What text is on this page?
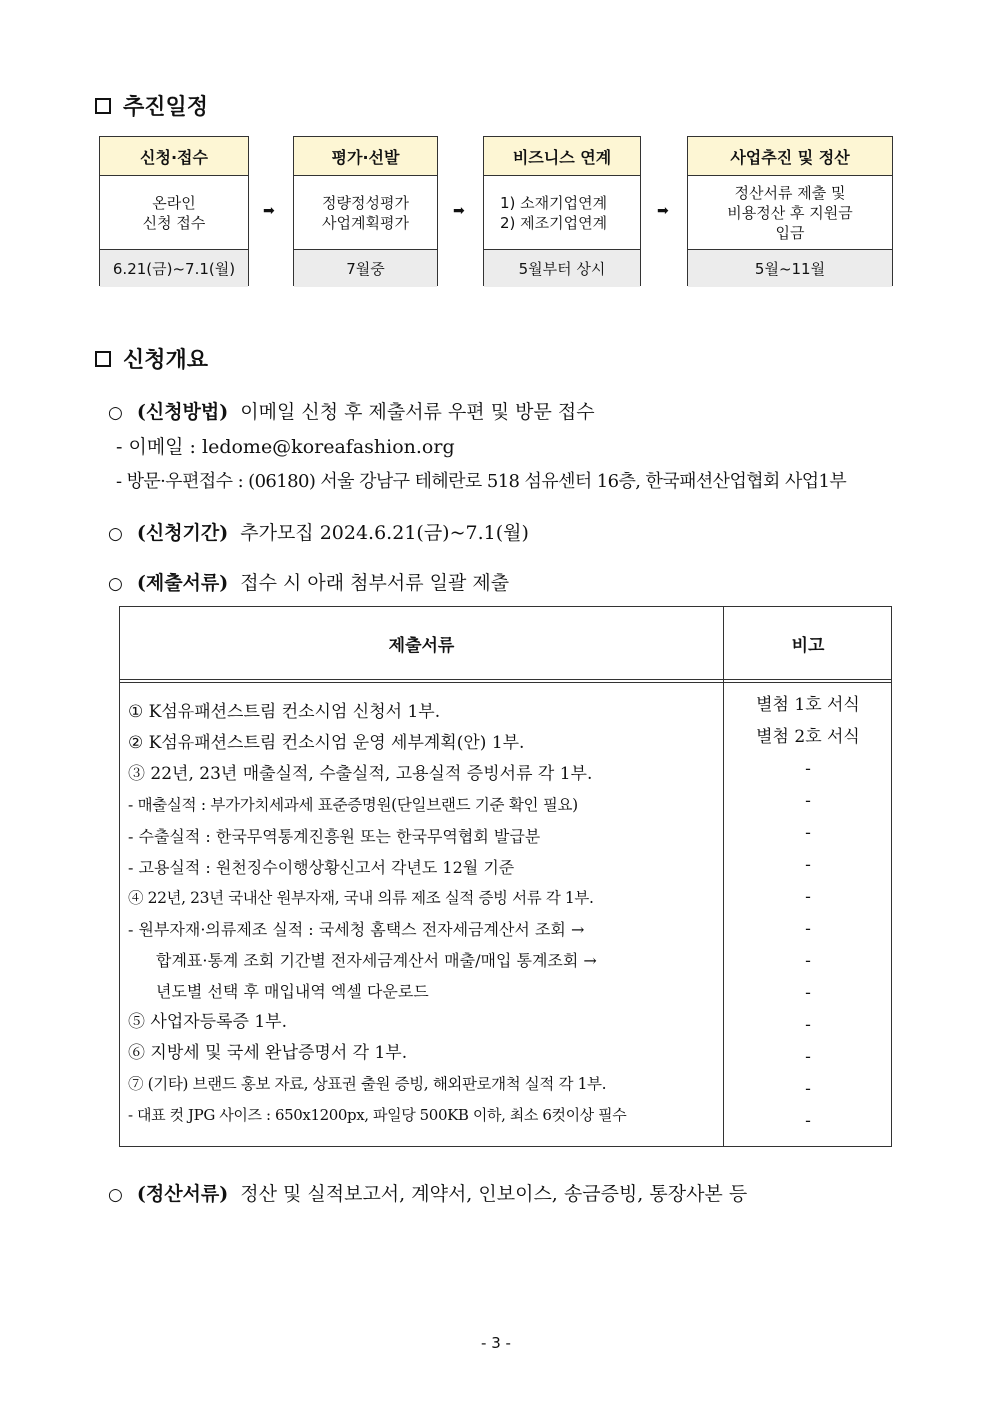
추진일정
신청·접수
온라인
신청 접수
6.21(금)~7.1(월)
➡
평가·선발
정량정성평가
사업계획평가
7월중
➡
비즈니스 연계
1) 소재기업연계
2) 제조기업연계
5월부터 상시
➡
사업추진 및 정산
정산서류 제출 및
비용정산 후 지원금
입금
5월~11월
신청개요
○ (신청방법) 이메일 신청 후 제출서류 우편 및 방문 접수
- 이메일 : ledome@koreafashion.org
- 방문·우편접수 : (06180) 서울 강남구 테헤란로 518 섬유센터 16층, 한국패션산업협회 사업1부
○ (신청기간) 추가모집 2024.6.21(금)~7.1(월)
○ (제출서류) 접수 시 아래 첨부서류 일괄 제출
제출서류	비고
① K섬유패션스트림 컨소시엄 신청서 1부.
② K섬유패션스트림 컨소시엄 운영 세부계획(안) 1부.
③ 22년, 23년 매출실적, 수출실적, 고용실적 증빙서류 각 1부.
- 매출실적 : 부가가치세과세 표준증명원(단일브랜드 기준 확인 필요)
- 수출실적 : 한국무역통계진흥원 또는 한국무역협회 발급분
- 고용실적 : 원천징수이행상황신고서 각년도 12월 기준
④ 22년, 23년 국내산 원부자재, 국내 의류 제조 실적 증빙 서류 각 1부.
- 원부자재·의류제조 실적 : 국세청 홈택스 전자세금계산서 조회 →
합계표·통계 조회 기간별 전자세금계산서 매출/매입 통계조회 →
년도별 선택 후 매입내역 엑셀 다운로드
⑤ 사업자등록증 1부.
⑥ 지방세 및 국세 완납증명서 각 1부.
⑦ (기타) 브랜드 홍보 자료, 상표권 출원 증빙, 해외판로개척 실적 각 1부.
- 대표 컷 JPG 사이즈 : 650x1200px, 파일당 500KB 이하, 최소 6컷이상 필수
별첨 1호 서식
별첨 2호 서식
-
-
-
-
-
-
-
-
-
-
-
-
○ (정산서류) 정산 및 실적보고서, 계약서, 인보이스, 송금증빙, 통장사본 등
- 3 -
